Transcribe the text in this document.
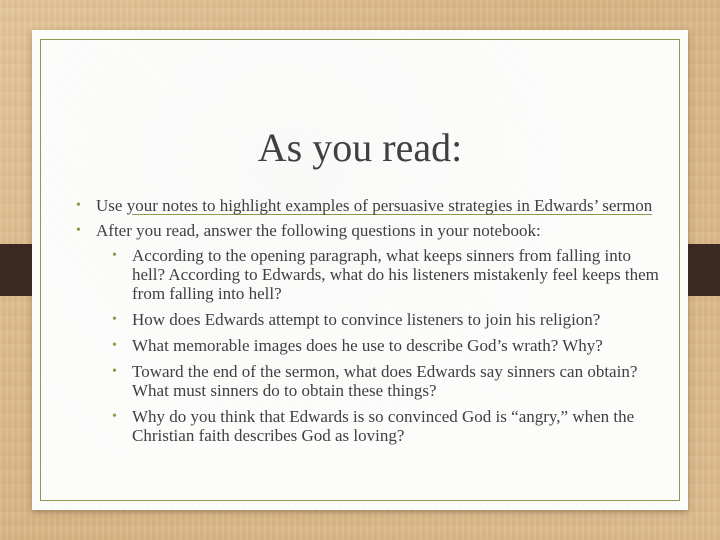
As you read:
• Use your notes to highlight examples of persuasive strategies in Edwards’ sermon
• After you read, answer the following questions in your notebook:
• According to the opening paragraph, what keeps sinners from falling into hell? According to Edwards, what do his listeners mistakenly feel keeps them from falling into hell?
• How does Edwards attempt to convince listeners to join his religion?
• What memorable images does he use to describe God’s wrath? Why?
• Toward the end of the sermon, what does Edwards say sinners can obtain? What must sinners do to obtain these things?
• Why do you think that Edwards is so convinced God is “angry,” when the Christian faith describes God as loving?
